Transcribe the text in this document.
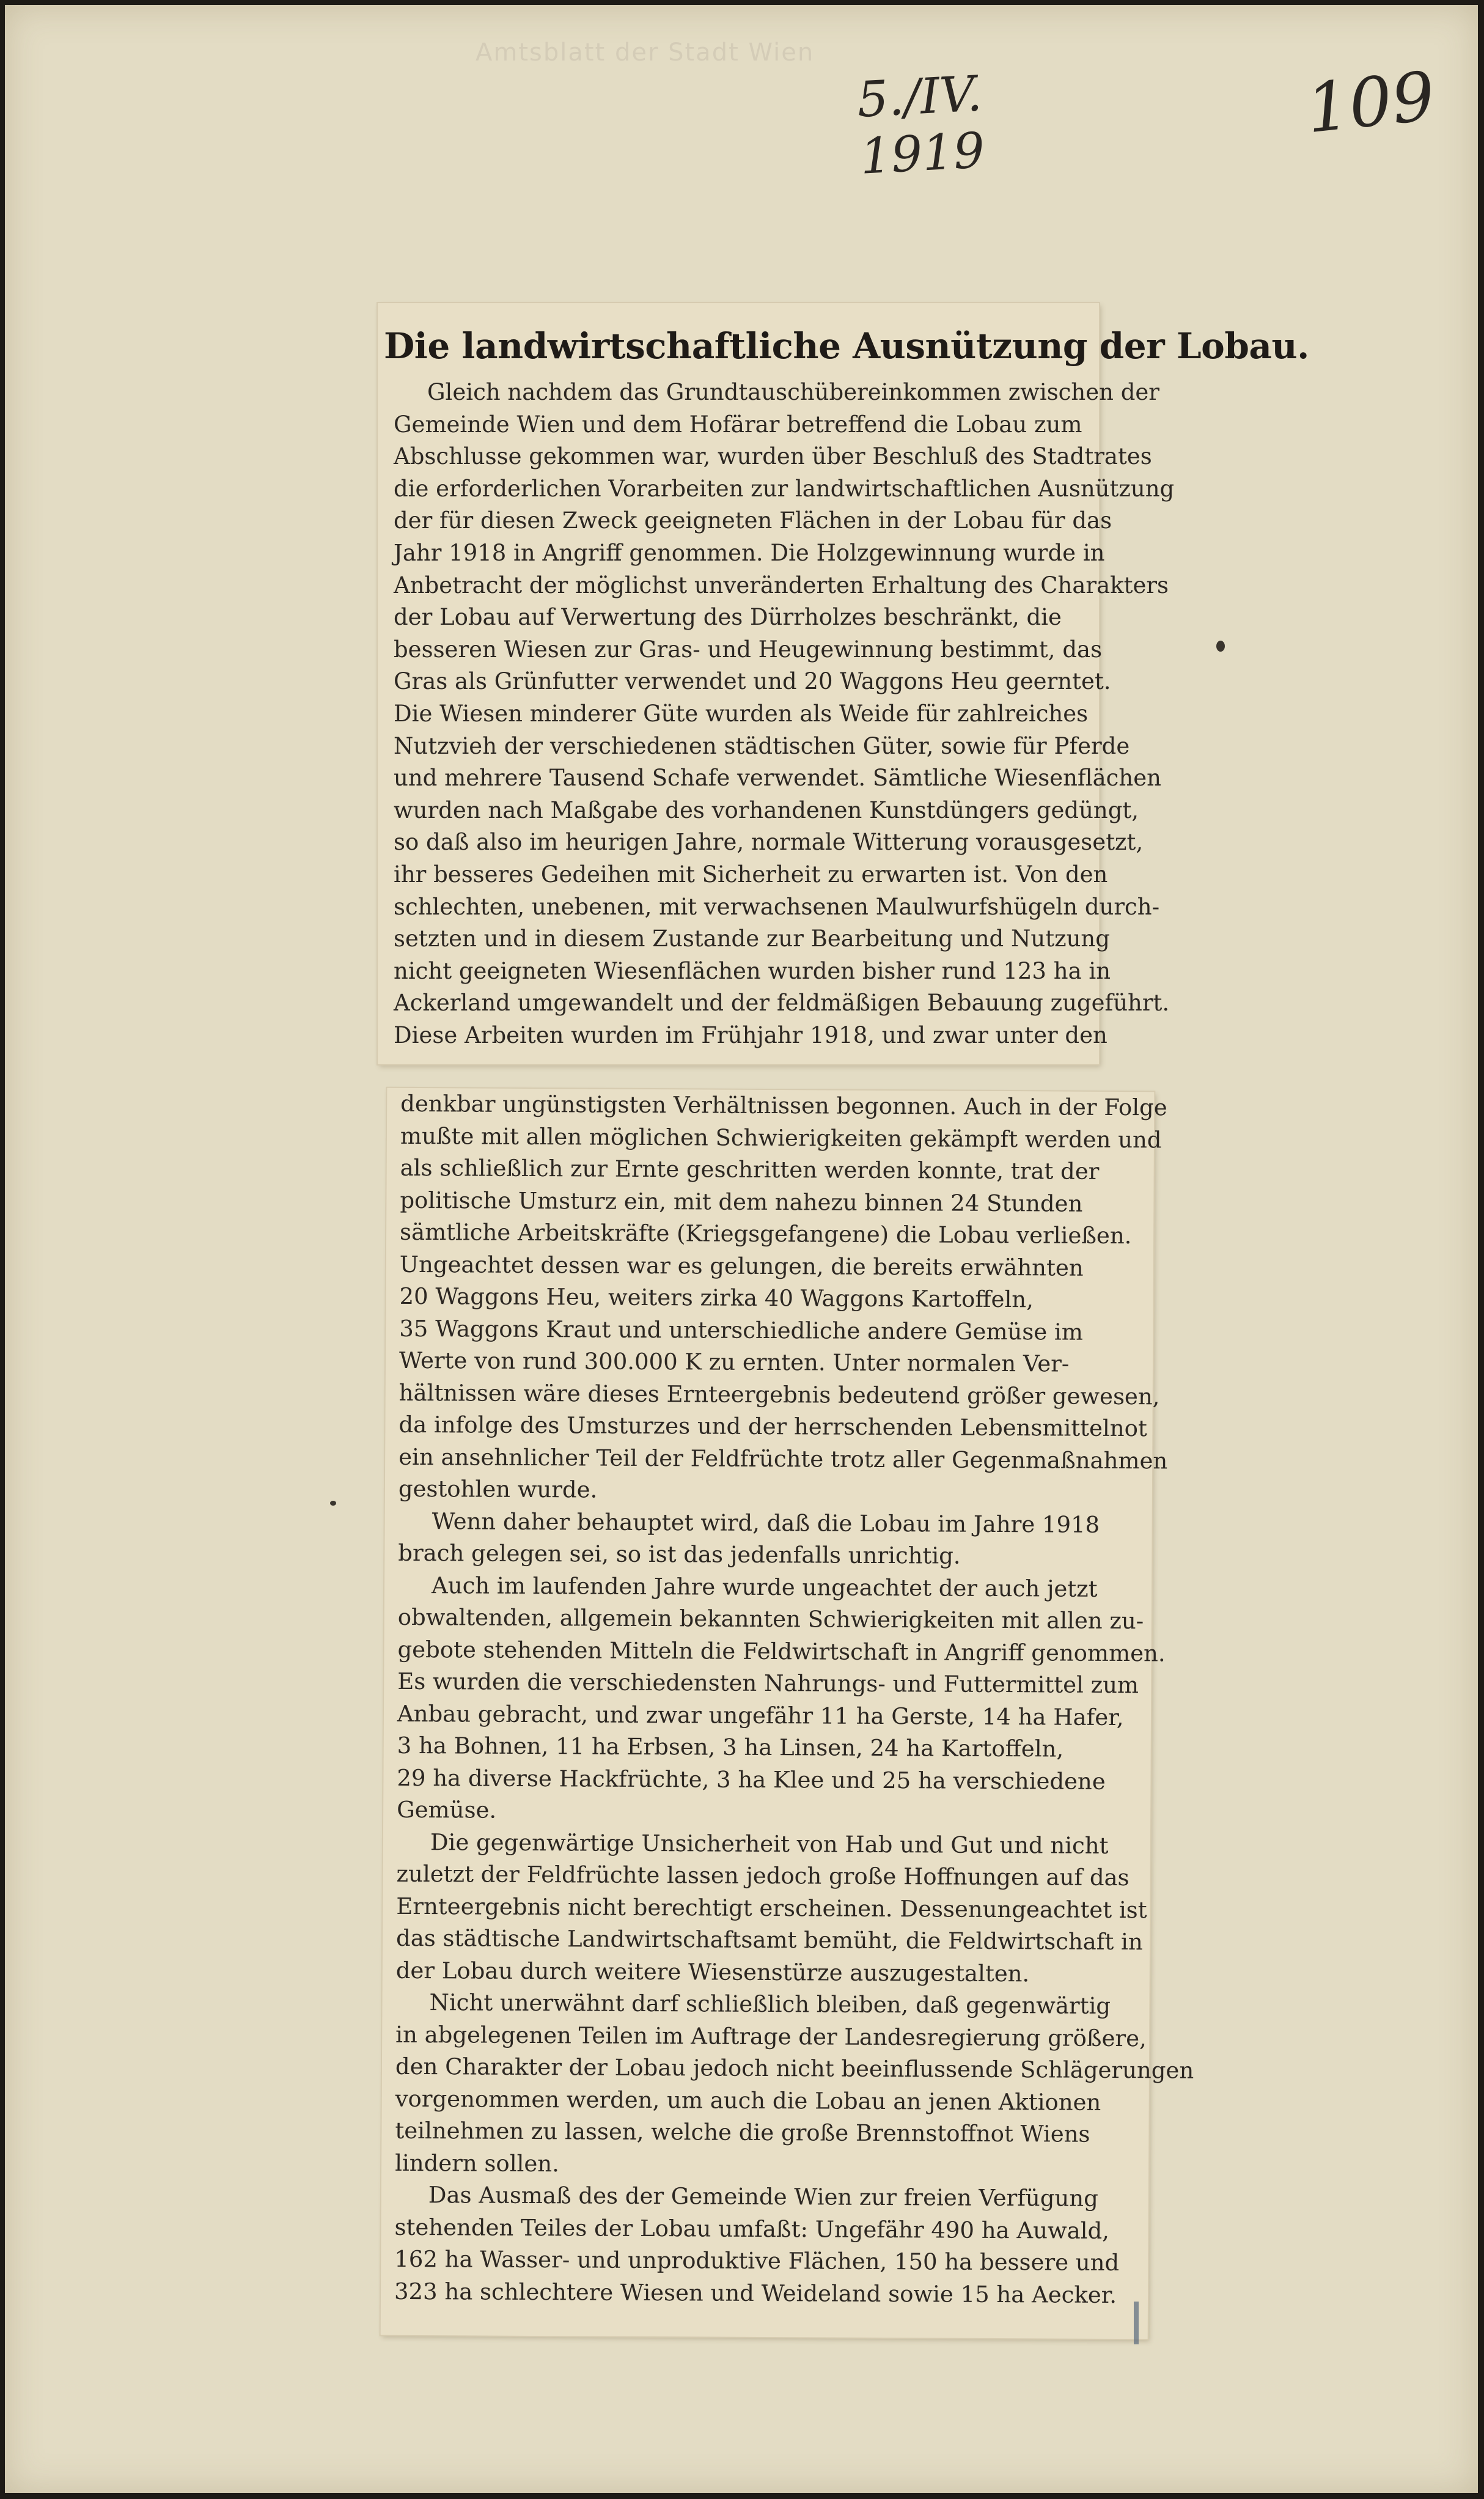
Amtsblatt der Stadt Wien
5./IV. 1919
109
Die landwirtschaftliche Ausnützung der Lobau.
Gleich nachdem das Grundtauschübereinkommen zwischen der
Gemeinde Wien und dem Hofärar betreffend die Lobau zum
Abschlusse gekommen war, wurden über Beschluß des Stadtrates
die erforderlichen Vorarbeiten zur landwirtschaftlichen Ausnützung
der für diesen Zweck geeigneten Flächen in der Lobau für das
Jahr 1918 in Angriff genommen. Die Holzgewinnung wurde in
Anbetracht der möglichst unveränderten Erhaltung des Charakters
der Lobau auf Verwertung des Dürrholzes beschränkt, die
besseren Wiesen zur Gras- und Heugewinnung bestimmt, das
Gras als Grünfutter verwendet und 20 Waggons Heu geerntet.
Die Wiesen minderer Güte wurden als Weide für zahlreiches
Nutzvieh der verschiedenen städtischen Güter, sowie für Pferde
und mehrere Tausend Schafe verwendet. Sämtliche Wiesenflächen
wurden nach Maßgabe des vorhandenen Kunstdüngers gedüngt,
so daß also im heurigen Jahre, normale Witterung vorausgesetzt,
ihr besseres Gedeihen mit Sicherheit zu erwarten ist. Von den
schlechten, unebenen, mit verwachsenen Maulwurfshügeln durch-
setzten und in diesem Zustande zur Bearbeitung und Nutzung
nicht geeigneten Wiesenflächen wurden bisher rund 123 ha in
Ackerland umgewandelt und der feldmäßigen Bebauung zugeführt.
Diese Arbeiten wurden im Frühjahr 1918, und zwar unter den
denkbar ungünstigsten Verhältnissen begonnen. Auch in der Folge
mußte mit allen möglichen Schwierigkeiten gekämpft werden und
als schließlich zur Ernte geschritten werden konnte, trat der
politische Umsturz ein, mit dem nahezu binnen 24 Stunden
sämtliche Arbeitskräfte (Kriegsgefangene) die Lobau verließen.
Ungeachtet dessen war es gelungen, die bereits erwähnten
20 Waggons Heu, weiters zirka 40 Waggons Kartoffeln,
35 Waggons Kraut und unterschiedliche andere Gemüse im
Werte von rund 300.000 K zu ernten. Unter normalen Ver-
hältnissen wäre dieses Ernteergebnis bedeutend größer gewesen,
da infolge des Umsturzes und der herrschenden Lebensmittelnot
ein ansehnlicher Teil der Feldfrüchte trotz aller Gegenmaßnahmen
gestohlen wurde.
Wenn daher behauptet wird, daß die Lobau im Jahre 1918
brach gelegen sei, so ist das jedenfalls unrichtig.
Auch im laufenden Jahre wurde ungeachtet der auch jetzt
obwaltenden, allgemein bekannten Schwierigkeiten mit allen zu-
gebote stehenden Mitteln die Feldwirtschaft in Angriff genommen.
Es wurden die verschiedensten Nahrungs- und Futtermittel zum
Anbau gebracht, und zwar ungefähr 11 ha Gerste, 14 ha Hafer,
3 ha Bohnen, 11 ha Erbsen, 3 ha Linsen, 24 ha Kartoffeln,
29 ha diverse Hackfrüchte, 3 ha Klee und 25 ha verschiedene
Gemüse.
Die gegenwärtige Unsicherheit von Hab und Gut und nicht
zuletzt der Feldfrüchte lassen jedoch große Hoffnungen auf das
Ernteergebnis nicht berechtigt erscheinen. Dessenungeachtet ist
das städtische Landwirtschaftsamt bemüht, die Feldwirtschaft in
der Lobau durch weitere Wiesenstürze auszugestalten.
Nicht unerwähnt darf schließlich bleiben, daß gegenwärtig
in abgelegenen Teilen im Auftrage der Landesregierung größere,
den Charakter der Lobau jedoch nicht beeinflussende Schlägerungen
vorgenommen werden, um auch die Lobau an jenen Aktionen
teilnehmen zu lassen, welche die große Brennstoffnot Wiens
lindern sollen.
Das Ausmaß des der Gemeinde Wien zur freien Verfügung
stehenden Teiles der Lobau umfaßt: Ungefähr 490 ha Auwald,
162 ha Wasser- und unproduktive Flächen, 150 ha bessere und
323 ha schlechtere Wiesen und Weideland sowie 15 ha Aecker.
